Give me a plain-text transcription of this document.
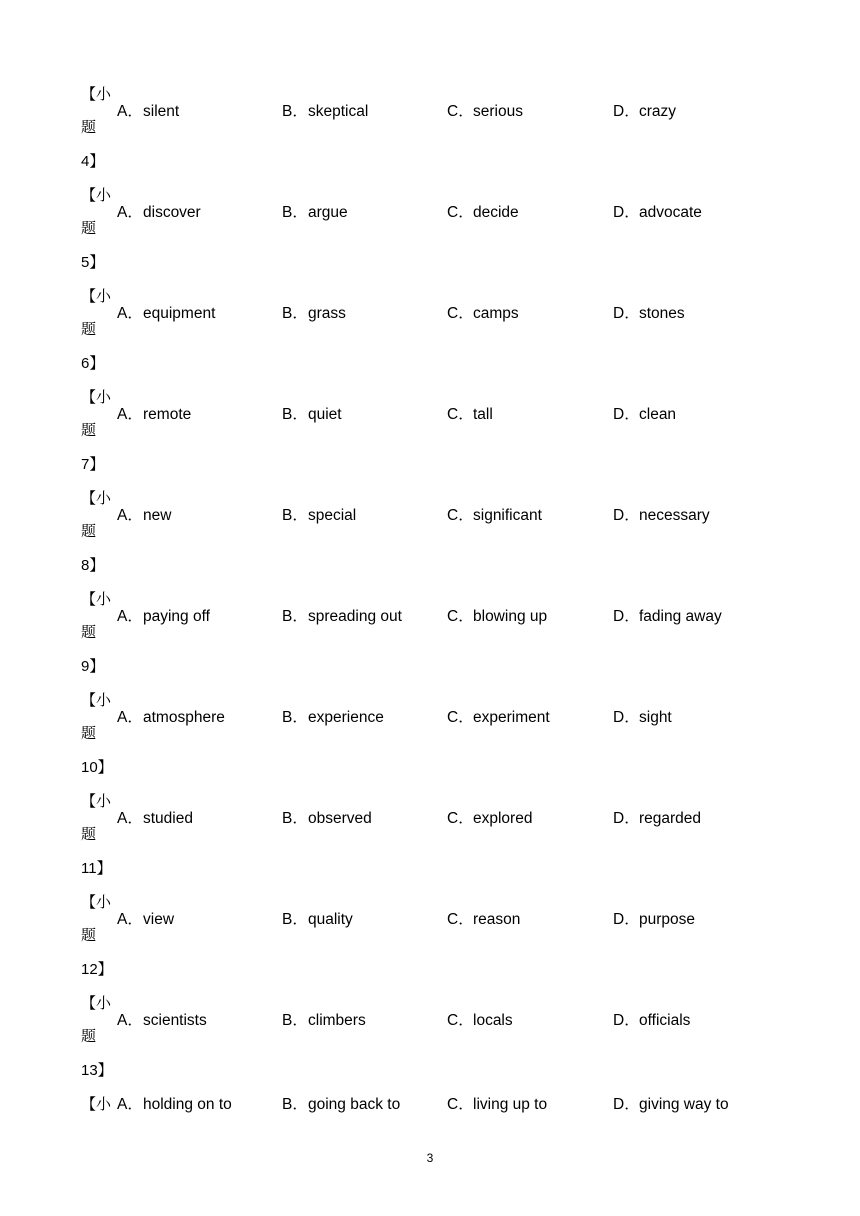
【小
题
4】
A．silent	B．skeptical	C．serious	D．crazy
【小
题
5】
A．discover	B．argue	C．decide	D．advocate
【小
题
6】
A．equipment	B．grass	C．camps	D．stones
【小
题
7】
A．remote	B．quiet	C．tall	D．clean
【小
题
8】
A．new	B．special	C．significant	D．necessary
【小
题
9】
A．paying off	B．spreading out	C．blowing up	D．fading away
【小
题
10】
A．atmosphere	B．experience	C．experiment	D．sight
【小
题
11】
A．studied	B．observed	C．explored	D．regarded
【小
题
12】
A．view	B．quality	C．reason	D．purpose
【小
题
13】
A．scientists	B．climbers	C．locals	D．officials
【小 A．holding on to	B．going back to	C．living up to	D．giving way to
3
